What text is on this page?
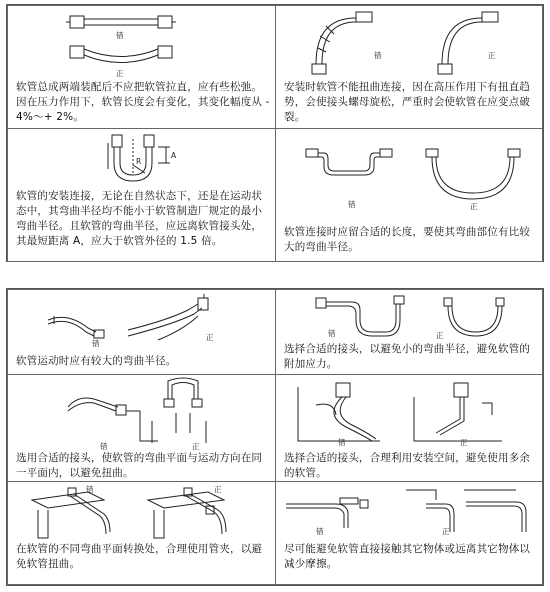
错
正
软管总成两端装配后不应把软管拉直，应有些松弛。因在压力作用下，软管长度会有变化，其变化幅度从 - 4%～+ 2%。
错	正
安装时软管不能扭曲连接，因在高压作用下有扭直趋势，会使接头螺母旋松，严重时会使软管在应变点破裂。
R
A
软管的安装连接，无论在自然状态下，还是在运动状态中，其弯曲半径均不能小于软管制造厂规定的最小弯曲半径。且软管的弯曲半径，应远离软管接头处，其最短距离 A，应大于软管外径的 1.5 倍。
错	正
软管连接时应留合适的长度，要使其弯曲部位有比较大的弯曲半径。
错
正
软管运动时应有较大的弯曲半径。
错	正
选择合适的接头，以避免小的弯曲半径，避免软管的附加应力。
错	正
选用合适的接头，使软管的弯曲平面与运动方向在同一平面内，以避免扭曲。
错	正
选择合适的接头，合理利用安装空间，避免使用多余的软管。
错	正
在软管的不同弯曲平面转换处，合理使用管夹，以避免软管扭曲。
错	正
尽可能避免软管直接接触其它物体或远离其它物体以减少摩擦。
